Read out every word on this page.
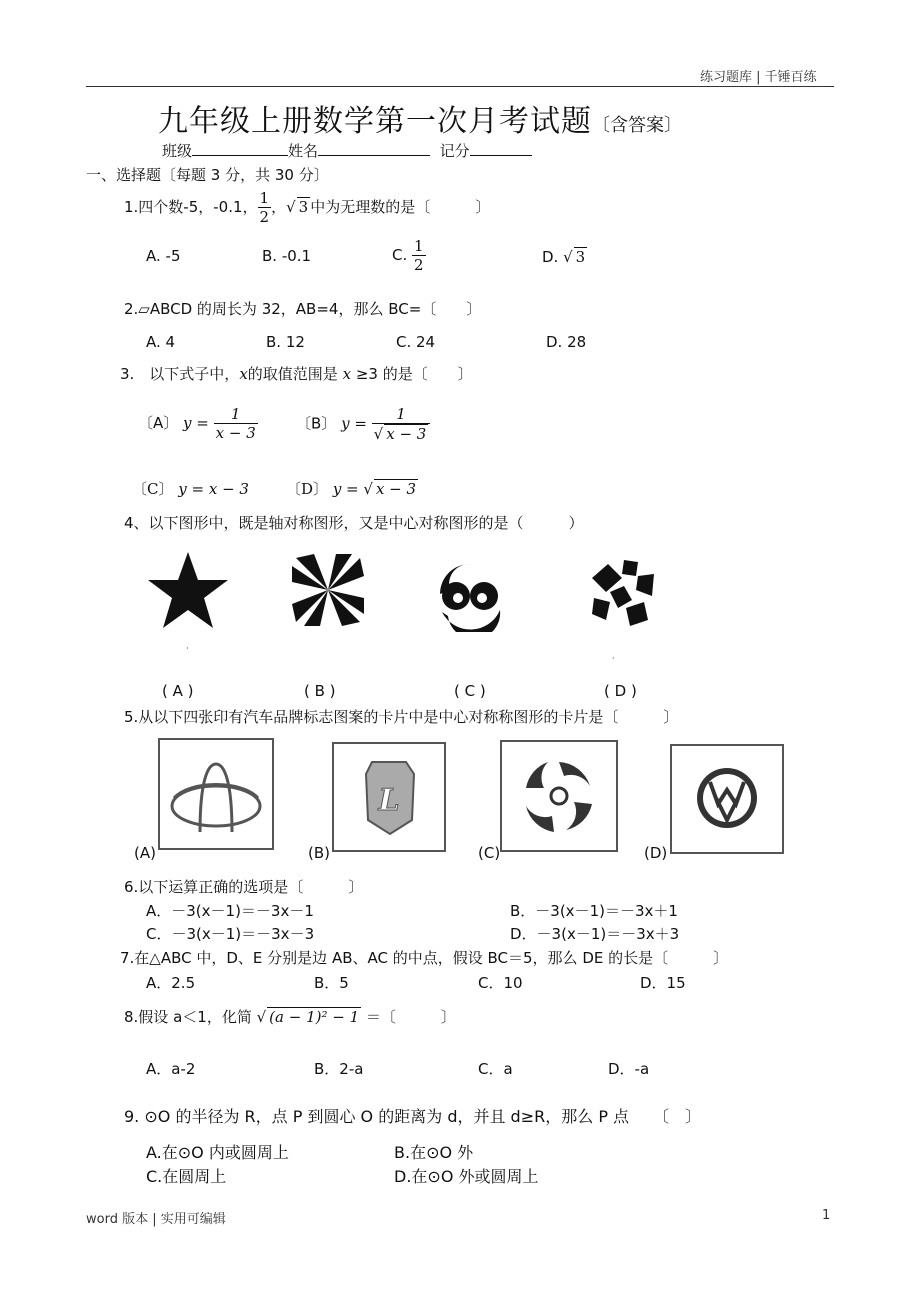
练习题库 | 千锤百练
九年级上册数学第一次月考试题〔含答案〕
班级	姓名	记分
一、选择题〔每题 3 分，共 30 分〕
1.四个数-5，-0.1， $\frac{1}{2}$ ，√ 3 中为无理数的是〔　　　〕
A. -5	B. -0.1	C. $\frac{1}{2}$	D. √ 3
2.▱ABCD 的周长为 32，AB=4，那么 BC=〔　　〕
A. 4	B. 12	C. 24	D. 28
3.　以下式子中，x的取值范围是 x ≥3 的是〔　　〕
〔A〕 $y = \frac{1}{x - 3}$	〔B〕 $y = \frac{1}{√ x - 3}$
〔C〕 y = x − 3 〔D〕 y = √ x − 3
4、以下图形中，既是轴对称图形，又是中心对称图形的是（　　　）
·
·
( A )	( B )	( C )	( D )
5.从以下四张印有汽车品牌标志图案的卡片中是中心对称称图形的卡片是〔　　　〕
L
(A)	(B)	(C)	(D)
6.以下运算正确的选项是〔　　　〕
A．－3(x－1)＝－3x－1	B．－3(x－1)＝－3x＋1
C．－3(x－1)＝－3x－3	D．－3(x－1)＝－3x＋3
7.在△ABC 中，D、E 分别是边 AB、AC 的中点，假设 BC＝5，那么 DE 的长是〔　　　〕
A．2.5	B．5	C．10	D．15
8.假设 a＜1，化简 √ (a − 1)² − 1 ＝〔　　　〕
A．a-2	B．2-a	C．a	D．-a
9. ⊙O 的半径为 R，点 P 到圆心 O 的距离为 d，并且 d≥R，那么 P 点　　〔　〕
A.在⊙O 内或圆周上	B.在⊙O 外
C.在圆周上	D.在⊙O 外或圆周上
word 版本 | 实用可编辑	1
